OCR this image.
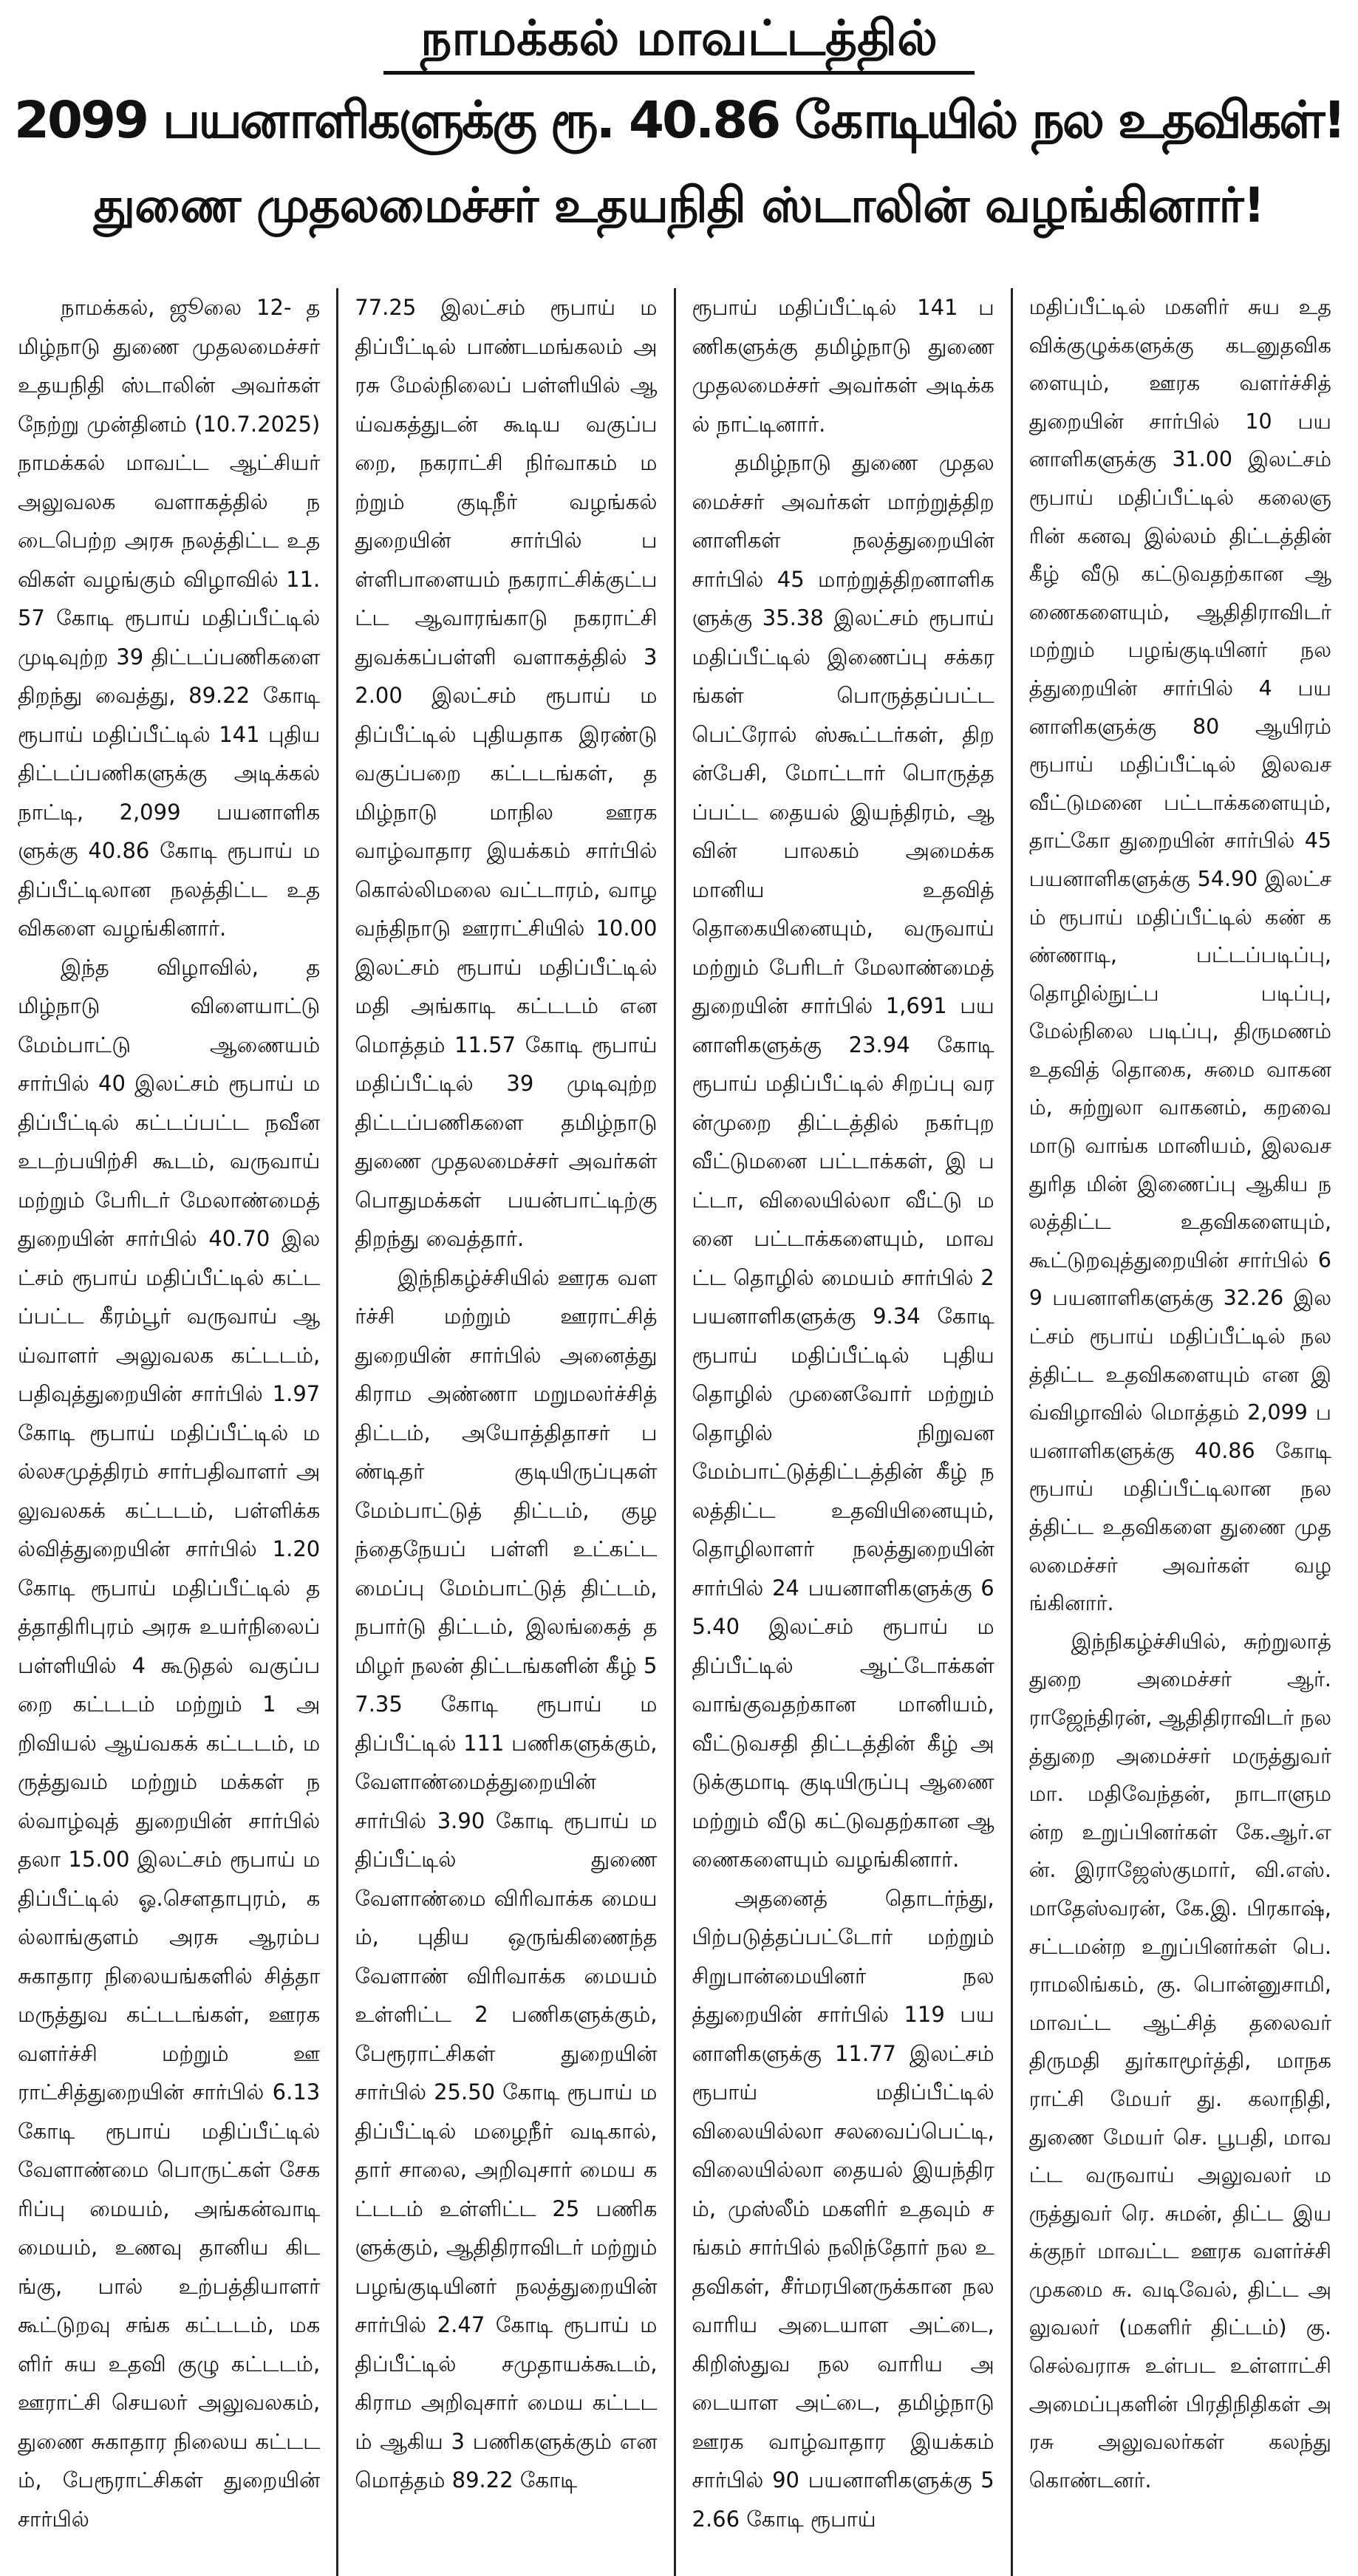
நாமக்கல் மாவட்டத்தில்
2099 பயனாளிகளுக்கு ரூ. 40.86 கோடியில் நல உதவிகள்!
துணை முதலமைச்சர் உதயநிதி ஸ்டாலின் வழங்கினார்!

நாமக்கல், ஜூலை 12- தமிழ்நாடு துணை முதலமைச்சர் உதயநிதி ஸ்டாலின் அவர்கள் நேற்று முன்தினம் (10.7.2025) நாமக்கல் மாவட்ட ஆட்சியர் அலுவலக வளாகத்தில் நடைபெற்ற அரசு நலத்திட்ட உதவிகள் வழங்கும் விழாவில் 11.57 கோடி ரூபாய் மதிப்பீட்டில் முடிவுற்ற 39 திட்டப்பணிகளை திறந்து வைத்து, 89.22 கோடி ரூபாய் மதிப்பீட்டில் 141 புதிய திட்டப்பணிகளுக்கு அடிக்கல் நாட்டி, 2,099 பயனாளிகளுக்கு 40.86 கோடி ரூபாய் மதிப்பீட்டிலான நலத்திட்ட உதவிகளை வழங்கினார்.

இந்த விழாவில், தமிழ்நாடு விளையாட்டு மேம்பாட்டு ஆணையம் சார்பில் 40 இலட்சம் ரூபாய் மதிப்பீட்டில் கட்டப்பட்ட நவீன உடற்பயிற்சி கூடம், வருவாய் மற்றும் பேரிடர் மேலாண்மைத் துறையின் சார்பில் 40.70 இலட்சம் ரூபாய் மதிப்பீட்டில் கட்டப்பட்ட கீரம்பூர் வருவாய் ஆய்வாளர் அலுவலக கட்டடம், பதிவுத்துறையின் சார்பில் 1.97 கோடி ரூபாய் மதிப்பீட்டில் மல்லசமுத்திரம் சார்பதிவாளர் அலுவலகக் கட்டடம், பள்ளிக்கல்வித்துறையின் சார்பில் 1.20 கோடி ரூபாய் மதிப்பீட்டில் தத்தாதிரிபுரம் அரசு உயர்நிலைப் பள்ளியில் 4 கூடுதல் வகுப்பறை கட்டடம் மற்றும் 1 அறிவியல் ஆய்வகக் கட்டடம், மருத்துவம் மற்றும் மக்கள் நல்வாழ்வுத் துறையின் சார்பில் தலா 15.00 இலட்சம் ரூபாய் மதிப்பீட்டில் ஓ.சௌதாபுரம், கல்லாங்குளம் அரசு ஆரம்ப சுகாதார நிலையங்களில் சித்தா மருத்துவ கட்டடங்கள், ஊரக வளர்ச்சி மற்றும் ஊராட்சித்துறையின் சார்பில் 6.13 கோடி ரூபாய் மதிப்பீட்டில் வேளாண்மை பொருட்கள் சேகரிப்பு மையம், அங்கன்வாடி மையம், உணவு தானிய கிடங்கு, பால் உற்பத்தியாளர் கூட்டுறவு சங்க கட்டடம், மகளிர் சுய உதவி குழு கட்டடம், ஊராட்சி செயலர் அலுவலகம், துணை சுகாதார நிலைய கட்டடம், பேரூராட்சிகள் துறையின் சார்பில்

77.25 இலட்சம் ரூபாய் மதிப்பீட்டில் பாண்டமங்கலம் அரசு மேல்நிலைப் பள்ளியில் ஆய்வகத்துடன் கூடிய வகுப்பறை, நகராட்சி நிர்வாகம் மற்றும் குடிநீர் வழங்கல் துறையின் சார்பில் பள்ளிபாளையம் நகராட்சிக்குட்பட்ட ஆவாரங்காடு நகராட்சி துவக்கப்பள்ளி வளாகத்தில் 32.00 இலட்சம் ரூபாய் மதிப்பீட்டில் புதியதாக இரண்டு வகுப்பறை கட்டடங்கள், தமிழ்நாடு மாநில ஊரக வாழ்வாதார இயக்கம் சார்பில் கொல்லிமலை வட்டாரம், வாழவந்திநாடு ஊராட்சியில் 10.00 இலட்சம் ரூபாய் மதிப்பீட்டில் மதி அங்காடி கட்டடம் என மொத்தம் 11.57 கோடி ரூபாய் மதிப்பீட்டில் 39 முடிவுற்ற திட்டப்பணிகளை தமிழ்நாடு துணை முதலமைச்சர் அவர்கள் பொதுமக்கள் பயன்பாட்டிற்கு திறந்து வைத்தார்.

இந்நிகழ்ச்சியில் ஊரக வளர்ச்சி மற்றும் ஊராட்சித் துறையின் சார்பில் அனைத்து கிராம அண்ணா மறுமலர்ச்சித் திட்டம், அயோத்திதாசர் பண்டிதர் குடியிருப்புகள் மேம்பாட்டுத் திட்டம், குழந்தைநேயப் பள்ளி உட்கட்டமைப்பு மேம்பாட்டுத் திட்டம், நபார்டு திட்டம், இலங்கைத் தமிழர் நலன் திட்டங்களின் கீழ் 57.35 கோடி ரூபாய் மதிப்பீட்டில் 111 பணிகளுக்கும், வேளாண்மைத்துறையின் சார்பில் 3.90 கோடி ரூபாய் மதிப்பீட்டில் துணை வேளாண்மை விரிவாக்க மையம், புதிய ஒருங்கிணைந்த வேளாண் விரிவாக்க மையம் உள்ளிட்ட 2 பணிகளுக்கும், பேரூராட்சிகள் துறையின் சார்பில் 25.50 கோடி ரூபாய் மதிப்பீட்டில் மழைநீர் வடிகால், தார் சாலை, அறிவுசார் மைய கட்டடம் உள்ளிட்ட 25 பணிகளுக்கும், ஆதிதிராவிடர் மற்றும் பழங்குடியினர் நலத்துறையின் சார்பில் 2.47 கோடி ரூபாய் மதிப்பீட்டில் சமுதாயக்கூடம், கிராம அறிவுசார் மைய கட்டடம் ஆகிய 3 பணிகளுக்கும் என மொத்தம் 89.22 கோடி

ரூபாய் மதிப்பீட்டில் 141 பணிகளுக்கு தமிழ்நாடு துணை முதலமைச்சர் அவர்கள் அடிக்கல் நாட்டினார்.

தமிழ்நாடு துணை முதலமைச்சர் அவர்கள் மாற்றுத்திறனாளிகள் நலத்துறையின் சார்பில் 45 மாற்றுத்திறனாளிகளுக்கு 35.38 இலட்சம் ரூபாய் மதிப்பீட்டில் இணைப்பு சக்கரங்கள் பொருத்தப்பட்ட பெட்ரோல் ஸ்கூட்டர்கள், திறன்பேசி, மோட்டார் பொருத்தப்பட்ட தையல் இயந்திரம், ஆவின் பாலகம் அமைக்க மானிய உதவித் தொகையினையும், வருவாய் மற்றும் பேரிடர் மேலாண்மைத் துறையின் சார்பில் 1,691 பயனாளிகளுக்கு 23.94 கோடி ரூபாய் மதிப்பீட்டில் சிறப்பு வரன்முறை திட்டத்தில் நகர்புற வீட்டுமனை பட்டாக்கள், இ பட்டா, விலையில்லா வீட்டு மனை பட்டாக்களையும், மாவட்ட தொழில் மையம் சார்பில் 2 பயனாளிகளுக்கு 9.34 கோடி ரூபாய் மதிப்பீட்டில் புதிய தொழில் முனைவோர் மற்றும் தொழில் நிறுவன மேம்பாட்டுத்திட்டத்தின் கீழ் நலத்திட்ட உதவியினையும், தொழிலாளர் நலத்துறையின் சார்பில் 24 பயனாளிகளுக்கு 65.40 இலட்சம் ரூபாய் மதிப்பீட்டில் ஆட்டோக்கள் வாங்குவதற்கான மானியம், வீட்டுவசதி திட்டத்தின் கீழ் அடுக்குமாடி குடியிருப்பு ஆணை மற்றும் வீடு கட்டுவதற்கான ஆணைகளையும் வழங்கினார்.

அதனைத் தொடர்ந்து, பிற்படுத்தப்பட்டோர் மற்றும் சிறுபான்மையினர் நலத்துறையின் சார்பில் 119 பயனாளிகளுக்கு 11.77 இலட்சம் ரூபாய் மதிப்பீட்டில் விலையில்லா சலவைப்பெட்டி, விலையில்லா தையல் இயந்திரம், முஸ்லீம் மகளிர் உதவும் சங்கம் சார்பில் நலிந்தோர் நல உதவிகள், சீர்மரபினருக்கான நலவாரிய அடையாள அட்டை, கிறிஸ்துவ நல வாரிய அடையாள அட்டை, தமிழ்நாடு ஊரக வாழ்வாதார இயக்கம் சார்பில் 90 பயனாளிகளுக்கு 52.66 கோடி ரூபாய்

மதிப்பீட்டில் மகளிர் சுய உதவிக்குழுக்களுக்கு கடனுதவிகளையும், ஊரக வளர்ச்சித் துறையின் சார்பில் 10 பயனாளிகளுக்கு 31.00 இலட்சம் ரூபாய் மதிப்பீட்டில் கலைஞரின் கனவு இல்லம் திட்டத்தின் கீழ் வீடு கட்டுவதற்கான ஆணைகளையும், ஆதிதிராவிடர் மற்றும் பழங்குடியினர் நலத்துறையின் சார்பில் 4 பயனாளிகளுக்கு 80 ஆயிரம் ரூபாய் மதிப்பீட்டில் இலவச வீட்டுமனை பட்டாக்களையும், தாட்கோ துறையின் சார்பில் 45 பயனாளிகளுக்கு 54.90 இலட்சம் ரூபாய் மதிப்பீட்டில் கண் கண்ணாடி, பட்டப்படிப்பு, தொழில்நுட்ப படிப்பு, மேல்நிலை படிப்பு, திருமணம் உதவித் தொகை, சுமை வாகனம், சுற்றுலா வாகனம், கறவை மாடு வாங்க மானியம், இலவச துரித மின் இணைப்பு ஆகிய நலத்திட்ட உதவிகளையும், கூட்டுறவுத்துறையின் சார்பில் 69 பயனாளிகளுக்கு 32.26 இலட்சம் ரூபாய் மதிப்பீட்டில் நலத்திட்ட உதவிகளையும் என இவ்விழாவில் மொத்தம் 2,099 பயனாளிகளுக்கு 40.86 கோடி ரூபாய் மதிப்பீட்டிலான நலத்திட்ட உதவிகளை துணை முதலமைச்சர் அவர்கள் வழங்கினார்.

இந்நிகழ்ச்சியில், சுற்றுலாத் துறை அமைச்சர் ஆர். ராஜேந்திரன், ஆதிதிராவிடர் நலத்துறை அமைச்சர் மருத்துவர் மா. மதிவேந்தன், நாடாளுமன்ற உறுப்பினர்கள் கே.ஆர்.என். இராஜேஸ்குமார், வி.எஸ். மாதேஸ்வரன், கே.இ. பிரகாஷ், சட்டமன்ற உறுப்பினர்கள் பெ. ராமலிங்கம், கு. பொன்னுசாமி, மாவட்ட ஆட்சித் தலைவர் திருமதி துர்காமூர்த்தி, மாநகராட்சி மேயர் து. கலாநிதி, துணை மேயர் செ. பூபதி, மாவட்ட வருவாய் அலுவலர் மருத்துவர் ரெ. சுமன், திட்ட இயக்குநர் மாவட்ட ஊரக வளர்ச்சி முகமை சு. வடிவேல், திட்ட அலுவலர் (மகளிர் திட்டம்) கு. செல்வராசு உள்பட உள்ளாட்சி அமைப்புகளின் பிரதிநிதிகள் அரசு அலுவலர்கள் கலந்து கொண்டனர்.
